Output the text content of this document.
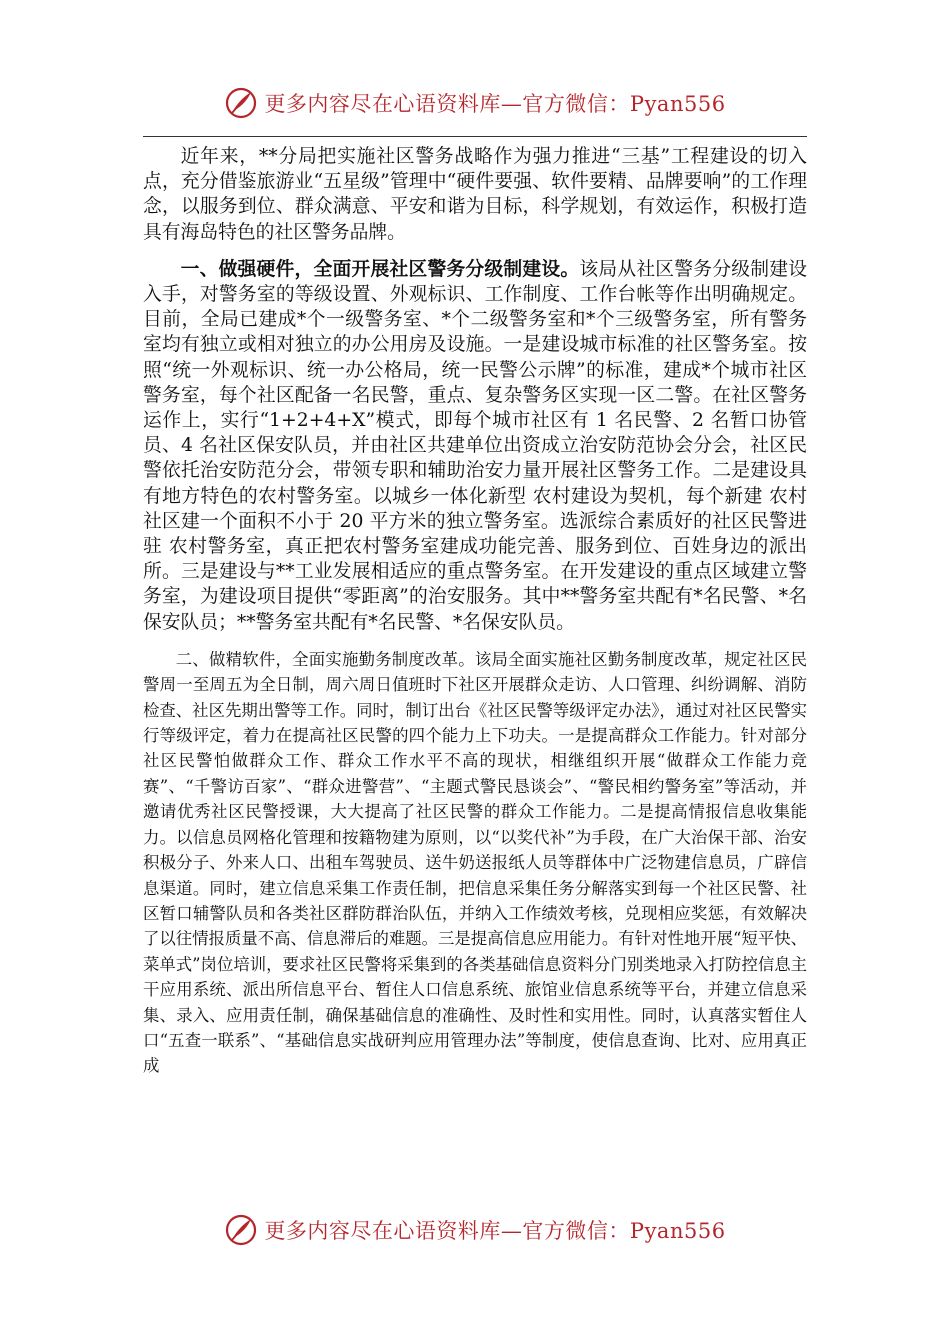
更多内容尽在心语资料库—官方微信：Pyan556

近年来，**分局把实施社区警务战略作为强力推进“三基”工程建设的切入点，充分借鉴旅游业“五星级”管理中“硬件要强、软件要精、品牌要响”的工作理念，以服务到位、群众满意、平安和谐为目标，科学规划，有效运作，积极打造具有海岛特色的社区警务品牌。

一、做强硬件，全面开展社区警务分级制建设。该局从社区警务分级制建设入手，对警务室的等级设置、外观标识、工作制度、工作台帐等作出明确规定。目前，全局已建成*个一级警务室、*个二级警务室和*个三级警务室，所有警务室均有独立或相对独立的办公用房及设施。一是建设城市标准的社区警务室。按照“统一外观标识、统一办公格局，统一民警公示牌”的标准，建成*个城市社区警务室，每个社区配备一名民警，重点、复杂警务区实现一区二警。在社区警务运作上，实行“1+2+4+X”模式，即每个城市社区有 1 名民警、2 名暂口协管员、4 名社区保安队员，并由社区共建单位出资成立治安防范协会分会，社区民警依托治安防范分会，带领专职和辅助治安力量开展社区警务工作。二是建设具有地方特色的农村警务室。以城乡一体化新型 农村建设为契机，每个新建 农村社区建一个面积不小于 20 平方米的独立警务室。选派综合素质好的社区民警进驻 农村警务室，真正把农村警务室建成功能完善、服务到位、百姓身边的派出所。三是建设与**工业发展相适应的重点警务室。在开发建设的重点区域建立警务室，为建设项目提供“零距离”的治安服务。其中**警务室共配有*名民警、*名保安队员；**警务室共配有*名民警、*名保安队员。

二、做精软件，全面实施勤务制度改革。该局全面实施社区勤务制度改革，规定社区民警周一至周五为全日制，周六周日值班时下社区开展群众走访、人口管理、纠纷调解、消防检查、社区先期出警等工作。同时，制订出台《社区民警等级评定办法》，通过对社区民警实行等级评定，着力在提高社区民警的四个能力上下功夫。一是提高群众工作能力。针对部分社区民警怕做群众工作、群众工作水平不高的现状，相继组织开展“做群众工作能力竞赛”、“千警访百家”、“群众进警营”、“主题式警民恳谈会”、“警民相约警务室”等活动，并邀请优秀社区民警授课，大大提高了社区民警的群众工作能力。二是提高情报信息收集能力。以信息员网格化管理和按籍物建为原则，以“以奖代补”为手段，在广大治保干部、治安积极分子、外来人口、出租车驾驶员、送牛奶送报纸人员等群体中广泛物建信息员，广辟信息渠道。同时，建立信息采集工作责任制，把信息采集任务分解落实到每一个社区民警、社区暂口辅警队员和各类社区群防群治队伍，并纳入工作绩效考核，兑现相应奖惩，有效解决了以往情报质量不高、信息滞后的难题。三是提高信息应用能力。有针对性地开展“短平快、菜单式”岗位培训，要求社区民警将采集到的各类基础信息资料分门别类地录入打防控信息主干应用系统、派出所信息平台、暂住人口信息系统、旅馆业信息系统等平台，并建立信息采集、录入、应用责任制，确保基础信息的准确性、及时性和实用性。同时，认真落实暂住人口“五查一联系”、“基础信息实战研判应用管理办法”等制度，使信息查询、比对、应用真正成

更多内容尽在心语资料库—官方微信：Pyan556
